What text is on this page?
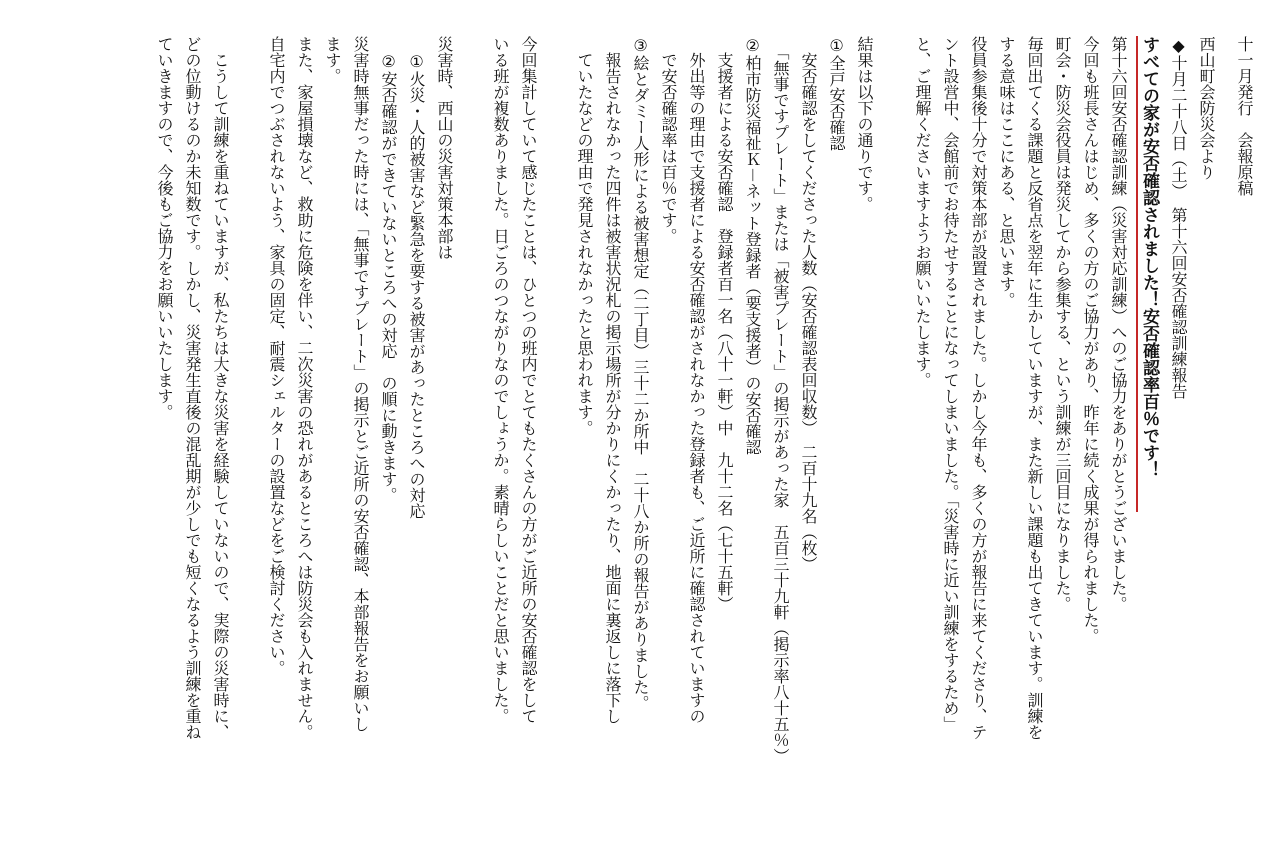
十一月発行　会報原稿
西山町会防災会より
◆十月二十八日（土）　第十六回安否確認訓練報告
すべての家が安否確認されました！安否確認率百％です！
第十六回安否確認訓練（災害対応訓練）へのご協力をありがとうございました。
今回も班長さんはじめ、多くの方のご協力があり、昨年に続く成果が得られました。
町会・防災会役員は発災してから参集する、という訓練が三回目になりました。
毎回出てくる課題と反省点を翌年に生かしていますが、また新しい課題も出てきています。訓練を
する意味はここにある、と思います。
役員参集後十分で対策本部が設置されました。しかし今年も、多くの方が報告に来てくださり、テ
ント設営中、会館前でお待たせすることになってしまいました。「災害時に近い訓練をするため」
と、ご理解くださいますようお願いいたします。
結果は以下の通りです。
①全戸安否確認
　安否確認をしてくださった人数（安否確認表回収数）　二百十九名（枚）
　「無事ですプレート」または「被害プレート」の掲示があった家　五百三十九軒（掲示率八十五％）
②柏市防災福祉Ｋ－ネット登録者（要支援者）の安否確認
　支援者による安否確認　登録者百一名（八十一軒）中　九十二名（七十五軒）
　外出等の理由で支援者による安否確認がされなかった登録者も、ご近所に確認されていますの
　で安否確認率は百％です。
③絵とダミー人形による被害想定（二丁目）三十二か所中　二十八か所の報告がありました。
　報告されなかった四件は被害状況札の掲示場所が分かりにくかったり、地面に裏返しに落下し
　ていたなどの理由で発見されなかったと思われます。
今回集計していて感じたことは、ひとつの班内でとてもたくさんの方がご近所の安否確認をして
いる班が複数ありました。日ごろのつながりなのでしょうか。素晴らしいことだと思いました。
災害時、西山の災害対策本部は
　①火災・人的被害など緊急を要する被害があったところへの対応
　②安否確認ができていないところへの対応　の順に動きます。
災害時無事だった時には、「無事ですプレート」の掲示とご近所の安否確認、本部報告をお願いし
ます。
また、家屋損壊など、救助に危険を伴い、二次災害の恐れがあるところへは防災会も入れません。
自宅内でつぶされないよう、家具の固定、耐震シェルターの設置などをご検討ください。
　こうして訓練を重ねていますが、私たちは大きな災害を経験していないので、実際の災害時に、
どの位動けるのか未知数です。しかし、災害発生直後の混乱期が少しでも短くなるよう訓練を重ね
ていきますので、今後もご協力をお願いいたします。
